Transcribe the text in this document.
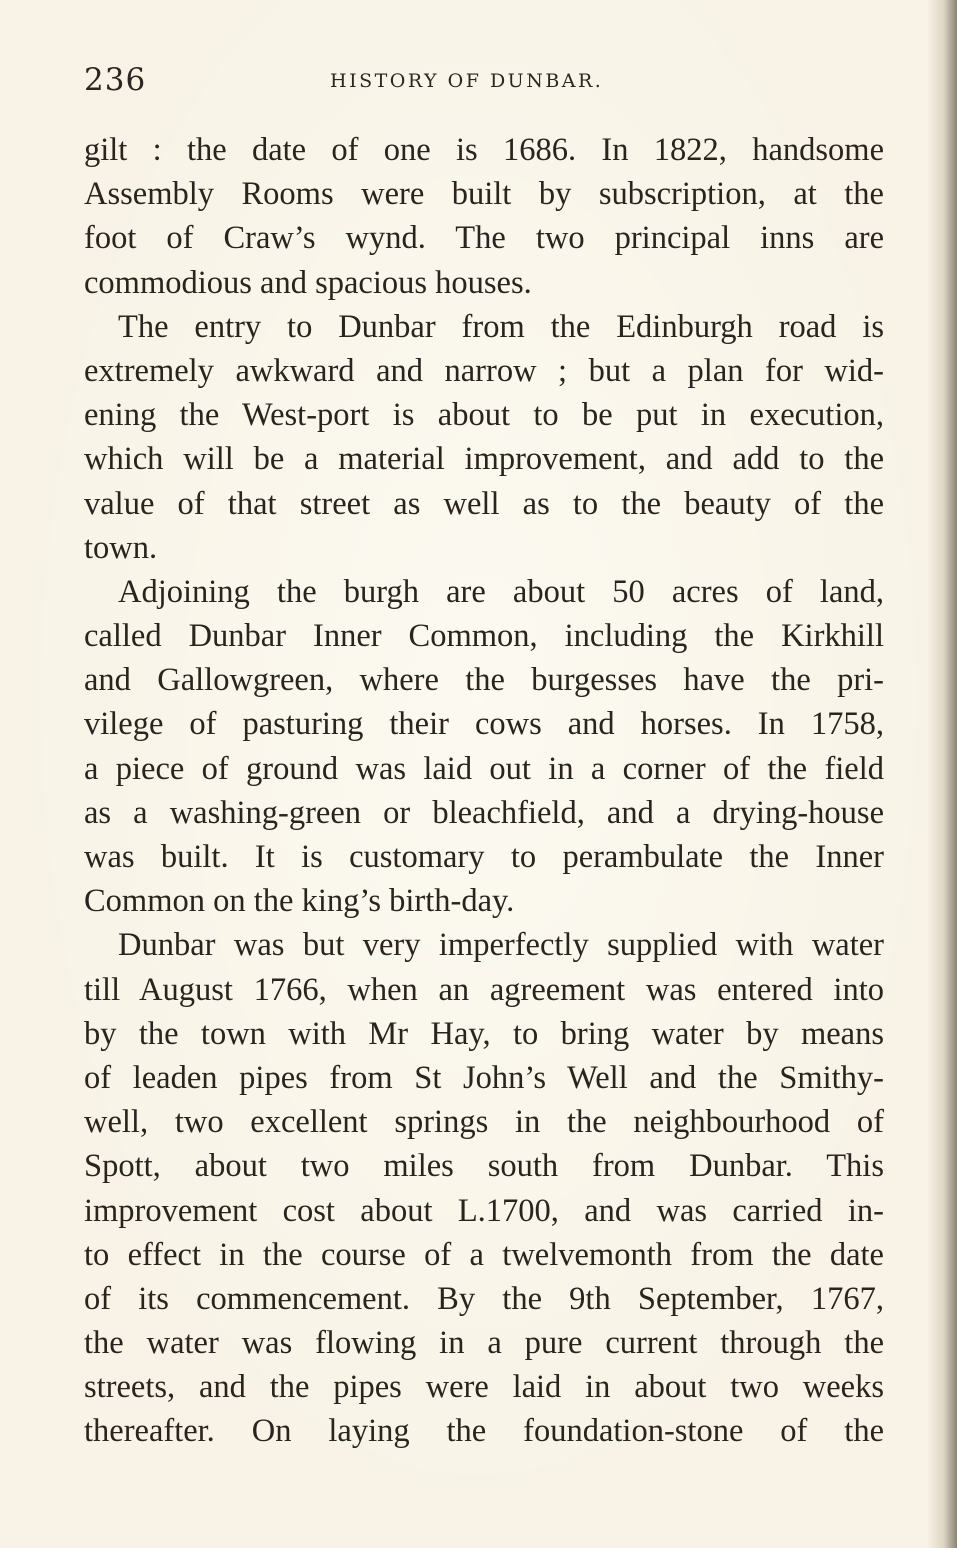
236	HISTORY OF DUNBAR.
gilt : the date of one is 1686. In 1822, handsome
Assembly Rooms were built by subscription, at the
foot of Craw’s wynd. The two principal inns are
commodious and spacious houses.
The entry to Dunbar from the Edinburgh road is
extremely awkward and narrow ; but a plan for wid-
ening the West-port is about to be put in execution,
which will be a material improvement, and add to the
value of that street as well as to the beauty of the
town.
Adjoining the burgh are about 50 acres of land,
called Dunbar Inner Common, including the Kirkhill
and Gallowgreen, where the burgesses have the pri-
vilege of pasturing their cows and horses. In 1758,
a piece of ground was laid out in a corner of the field
as a washing-green or bleachfield, and a drying-house
was built. It is customary to perambulate the Inner
Common on the king’s birth-day.
Dunbar was but very imperfectly supplied with water
till August 1766, when an agreement was entered into
by the town with Mr Hay, to bring water by means
of leaden pipes from St John’s Well and the Smithy-
well, two excellent springs in the neighbourhood of
Spott, about two miles south from Dunbar. This
improvement cost about L.1700, and was carried in-
to effect in the course of a twelvemonth from the date
of its commencement. By the 9th September, 1767,
the water was flowing in a pure current through the
streets, and the pipes were laid in about two weeks
thereafter. On laying the foundation-stone of the
